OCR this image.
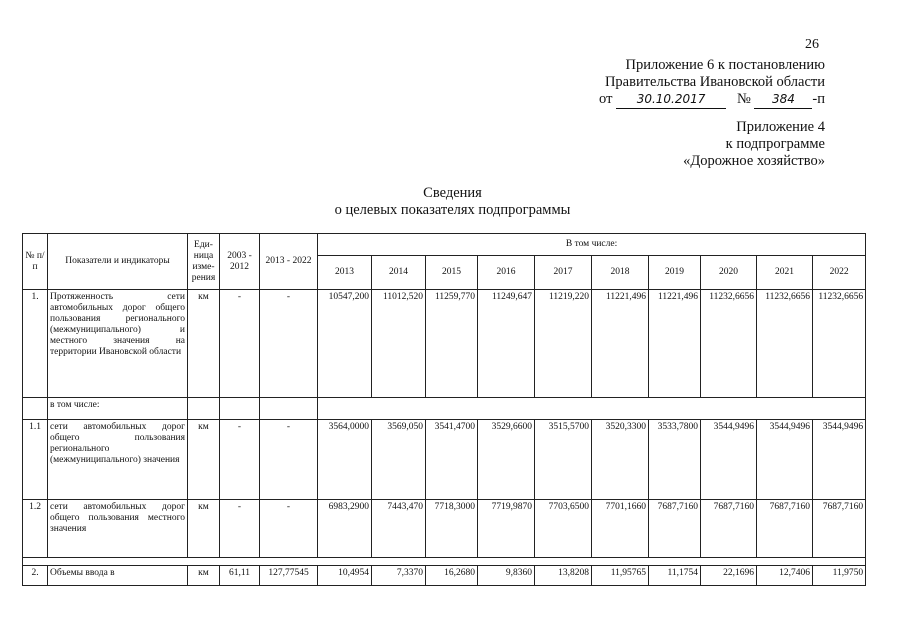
26
Приложение 6 к постановлению
Правительства Ивановской области
от 30.10.2017 № 384 -п
Приложение 4
к подпрограмме
«Дорожное хозяйство»
Сведения
о целевых показателях подпрограммы
№ п/п	Показатели и индикаторы	Еди-ница изме-рения	2003 - 2012	2013 - 2022	В том числе:									
					2013	2014	2015	2016	2017	2018	2019	2020	2021	2022
1.	Протяженность сети автомобильных дорог общего пользования регионального (межмуниципального) и местного значения на территории Ивановской области	км	-	-	10547,200	11012,520	11259,770	11249,647	11219,220	11221,496	11221,496	11232,6656	11232,6656	11232,6656
	в том числе:													
1.1	сети автомобильных дорог общего пользования регионального (межмуниципального) значения	км	-	-	3564,0000	3569,050	3541,4700	3529,6600	3515,5700	3520,3300	3533,7800	3544,9496	3544,9496	3544,9496
1.2	сети автомобильных дорог общего пользования местного значения	км	-	-	6983,2900	7443,470	7718,3000	7719,9870	7703,6500	7701,1660	7687,7160	7687,7160	7687,7160	7687,7160

2.	Объемы ввода в	км	61,11	127,77545	10,4954	7,3370	16,2680	9,8360	13,8208	11,95765	11,1754	22,1696	12,7406	11,9750
